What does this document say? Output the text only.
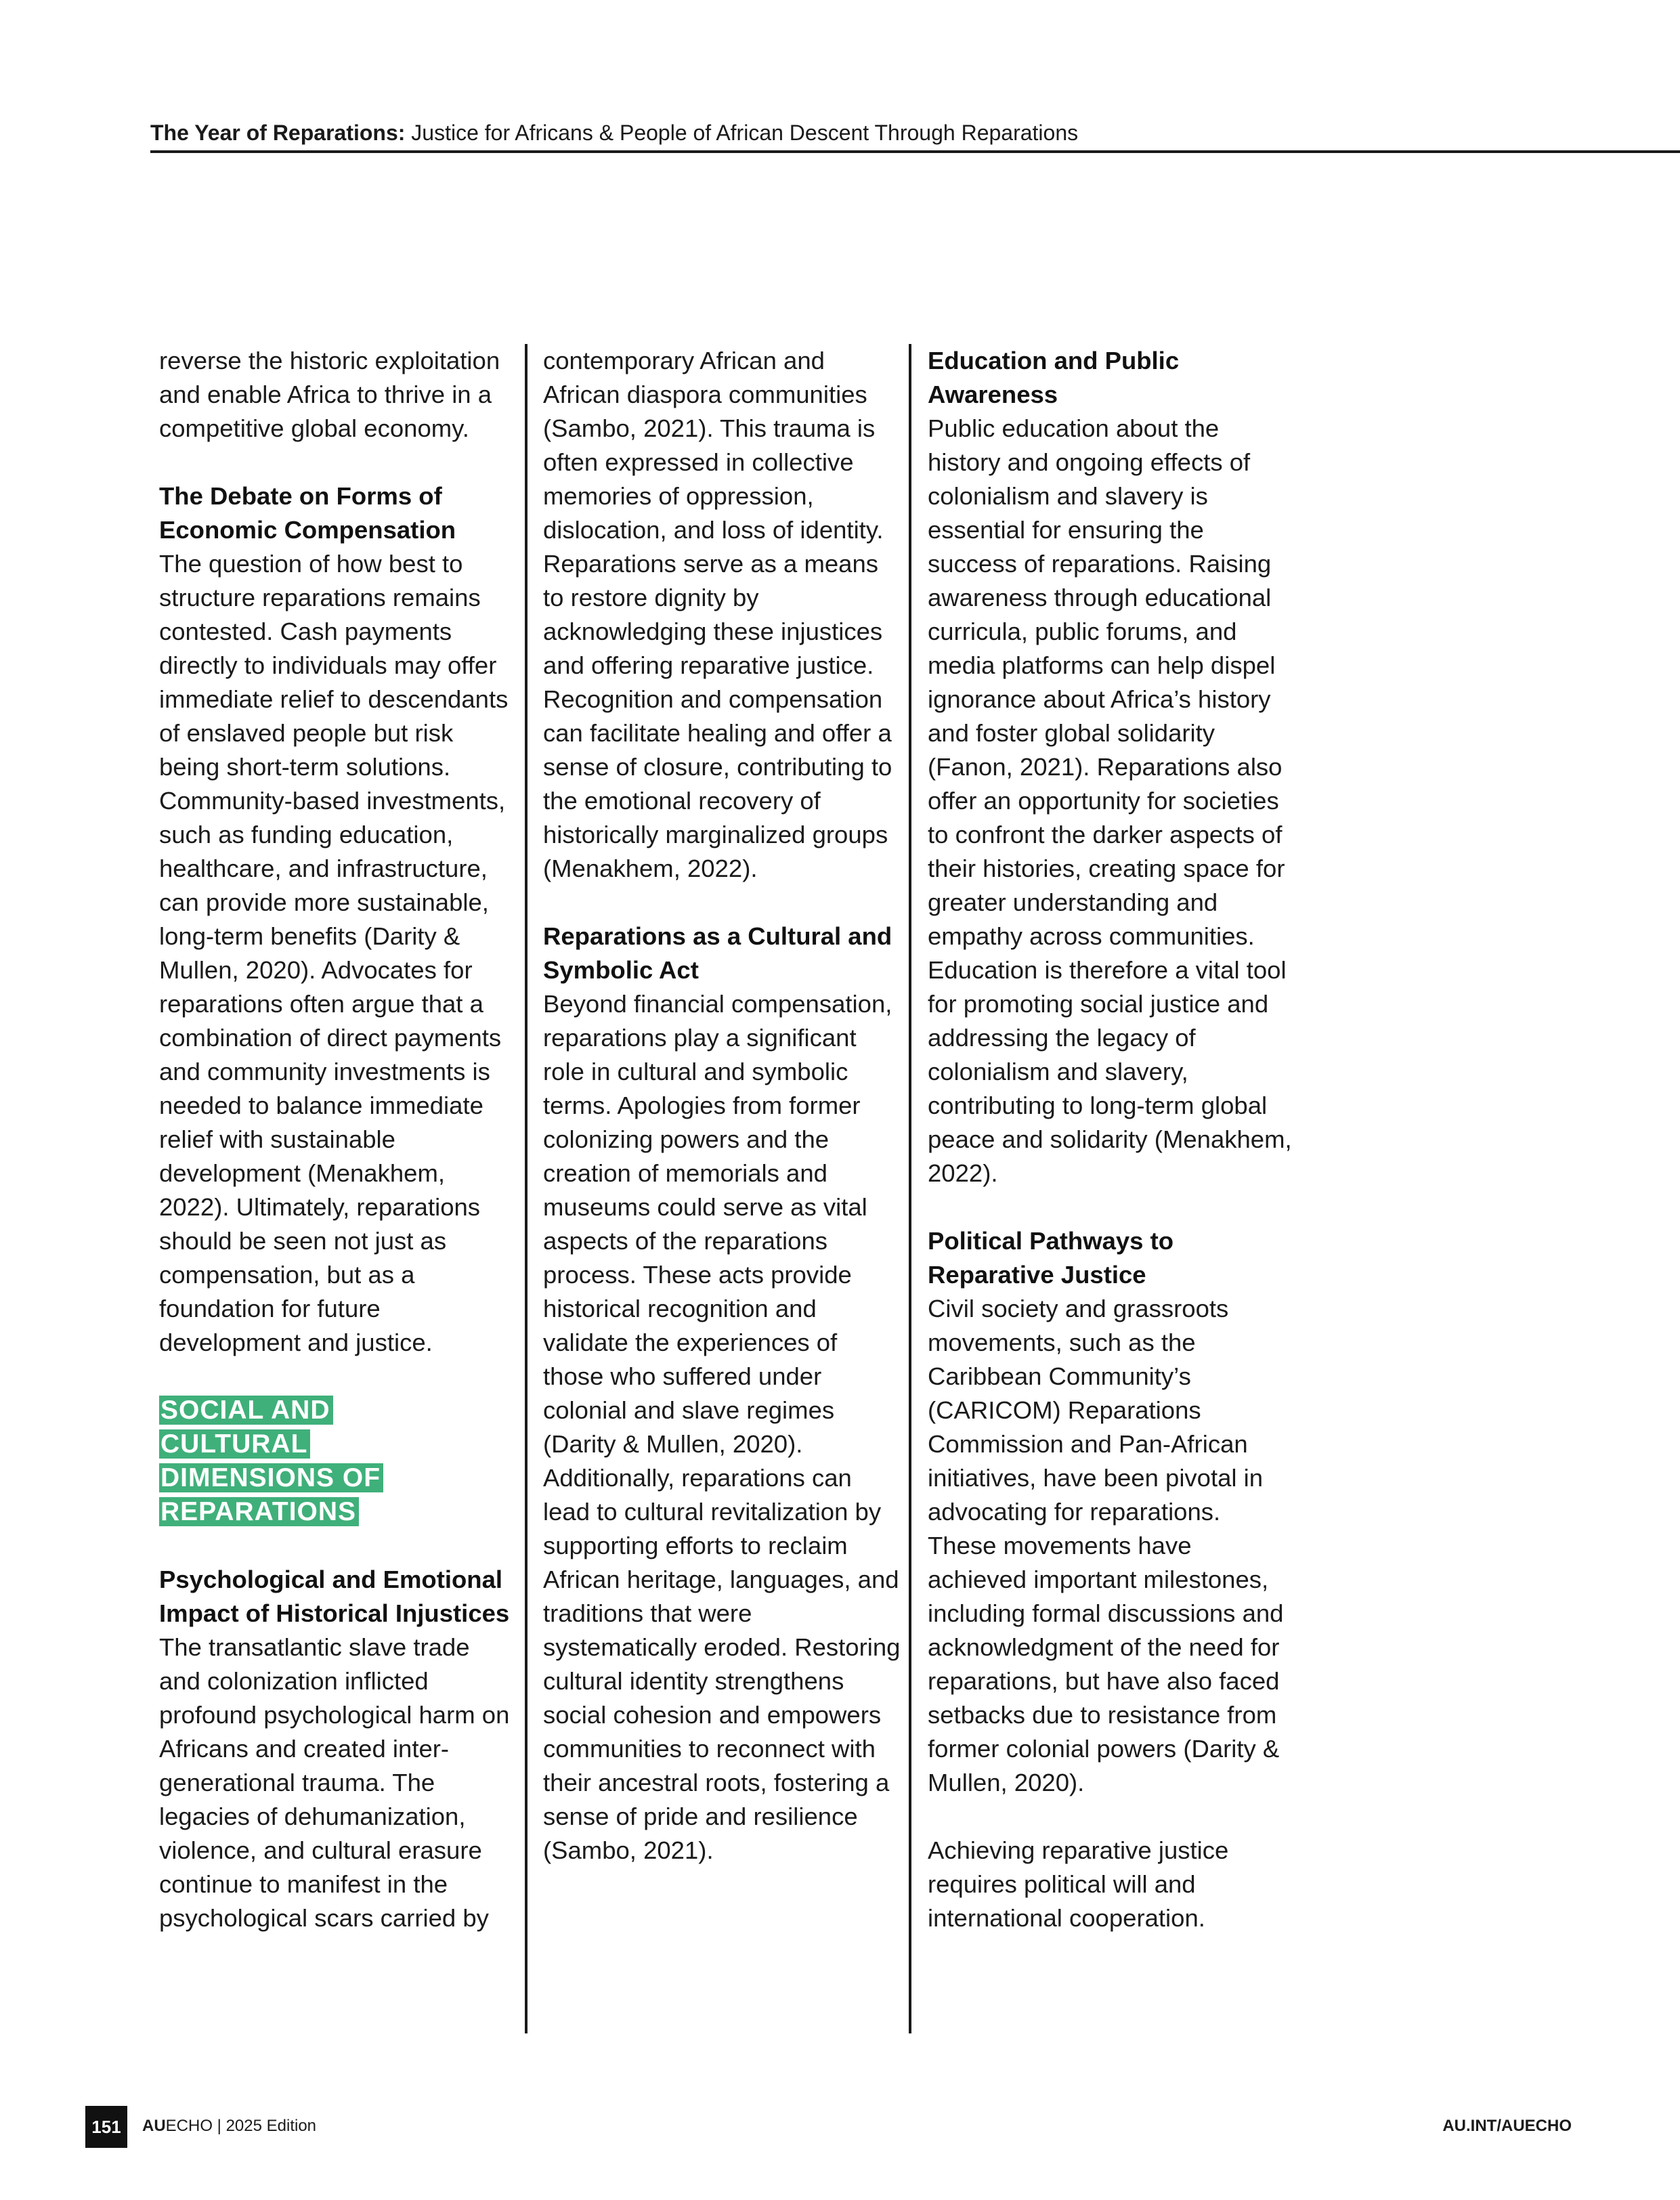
The Year of Reparations: Justice for Africans & People of African Descent Through Reparations

reverse the historic exploitation and enable Africa to thrive in a competitive global economy.

The Debate on Forms of Economic Compensation

The question of how best to structure reparations remains contested. Cash payments directly to individuals may offer immediate relief to descendants of enslaved people but risk being short-term solutions. Community-based investments, such as funding education, healthcare, and infrastructure, can provide more sustainable, long-term benefits (Darity & Mullen, 2020). Advocates for reparations often argue that a combination of direct payments and community investments is needed to balance immediate relief with sustainable development (Menakhem, 2022). Ultimately, reparations should be seen not just as compensation, but as a foundation for future development and justice.

SOCIAL AND
CULTURAL
DIMENSIONS OF
REPARATIONS

Psychological and Emotional Impact of Historical Injustices

The transatlantic slave trade and colonization inflicted profound psychological harm on Africans and created inter-generational trauma. The legacies of dehumanization, violence, and cultural erasure continue to manifest in the psychological scars carried by

contemporary African and African diaspora communities (Sambo, 2021). This trauma is often expressed in collective memories of oppression, dislocation, and loss of identity. Reparations serve as a means to restore dignity by acknowledging these injustices and offering reparative justice. Recognition and compensation can facilitate healing and offer a sense of closure, contributing to the emotional recovery of historically marginalized groups (Menakhem, 2022).

Reparations as a Cultural and Symbolic Act

Beyond financial compensation, reparations play a significant role in cultural and symbolic terms. Apologies from former colonizing powers and the creation of memorials and museums could serve as vital aspects of the reparations process. These acts provide historical recognition and validate the experiences of those who suffered under colonial and slave regimes (Darity & Mullen, 2020). Additionally, reparations can lead to cultural revitalization by supporting efforts to reclaim African heritage, languages, and traditions that were systematically eroded. Restoring cultural identity strengthens social cohesion and empowers communities to reconnect with their ancestral roots, fostering a sense of pride and resilience (Sambo, 2021).

Education and Public Awareness

Public education about the history and ongoing effects of colonialism and slavery is essential for ensuring the success of reparations. Raising awareness through educational curricula, public forums, and media platforms can help dispel ignorance about Africa’s history and foster global solidarity (Fanon, 2021). Reparations also offer an opportunity for societies to confront the darker aspects of their histories, creating space for greater understanding and empathy across communities. Education is therefore a vital tool for promoting social justice and addressing the legacy of colonialism and slavery, contributing to long-term global peace and solidarity (Menakhem, 2022).

Political Pathways to Reparative Justice

Civil society and grassroots movements, such as the Caribbean Community’s (CARICOM) Reparations Commission and Pan-African initiatives, have been pivotal in advocating for reparations. These movements have achieved important milestones, including formal discussions and acknowledgment of the need for reparations, but have also faced setbacks due to resistance from former colonial powers (Darity & Mullen, 2020).

Achieving reparative justice requires political will and international cooperation.

151 AUECHO | 2025 Edition	AU.INT/AUECHO
